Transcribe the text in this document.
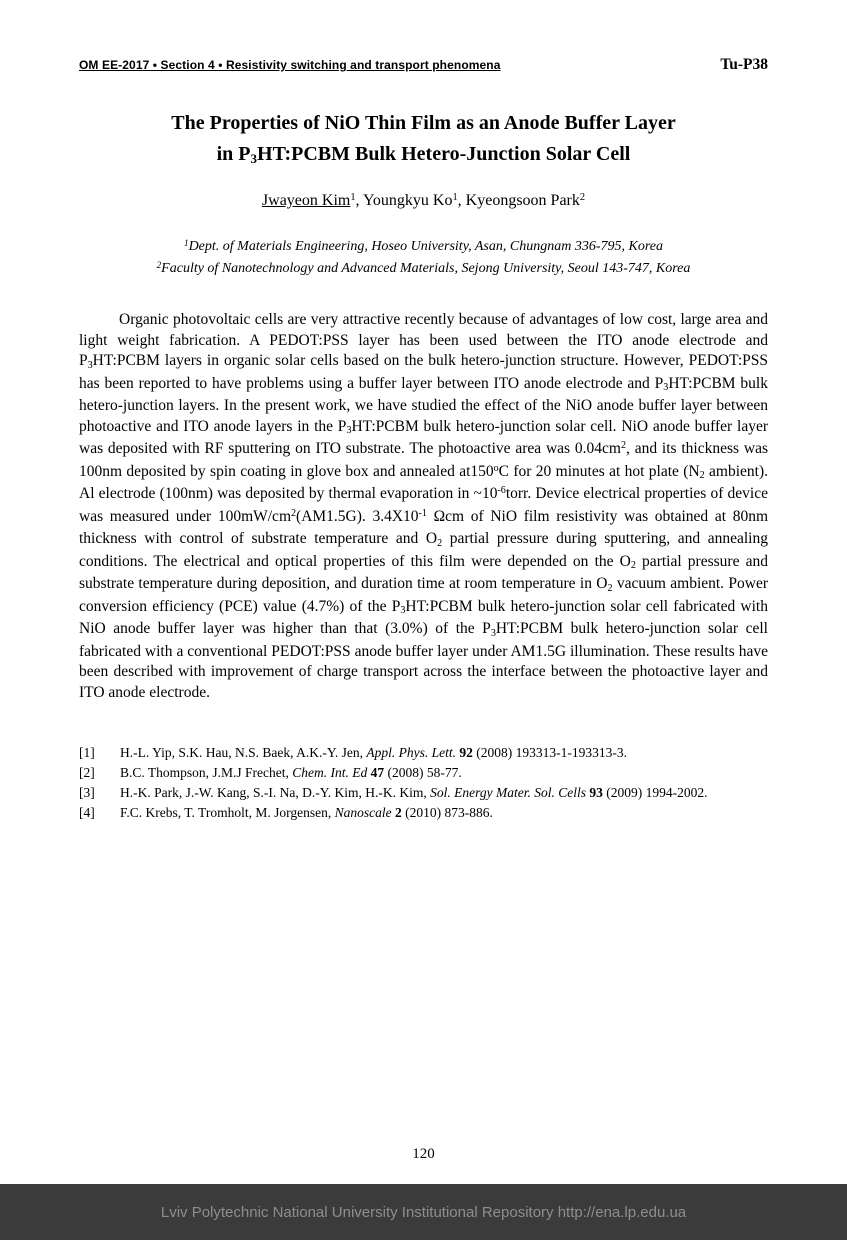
OM EE-2017 • Section 4 • Resistivity switching and transport phenomena	Tu-P38
The Properties of NiO Thin Film as an Anode Buffer Layer
in $P_3HT:PCBM$ Bulk Hetero-Junction Solar Cell
Jwayeon Kim$^1$, Youngkyu Ko$^1$, Kyeongsoon Park$^2$
$^1$Dept. of Materials Engineering, Hoseo University, Asan, Chungnam 336-795, Korea
$^2$Faculty of Nanotechnology and Advanced Materials, Sejong University, Seoul 143-747, Korea

Organic photovoltaic cells are very attractive recently because of advantages of low cost, large area and light weight fabrication. A PEDOT:PSS layer has been used between the ITO anode electrode and $P_3HT:PCBM$ layers in organic solar cells based on the bulk hetero-junction structure. However, PEDOT:PSS has been reported to have problems using a buffer layer between ITO anode electrode and $P_3HT:PCBM$ bulk hetero-junction layers. In the present work, we have studied the effect of the NiO anode buffer layer between photoactive and ITO anode layers in the $P_3HT:PCBM$ bulk hetero-junction solar cell. NiO anode buffer layer was deposited with RF sputtering on ITO substrate. The photoactive area was $0.04cm^2$, and its thickness was 100nm deposited by spin coating in glove box and annealed at150$^o$C for 20 minutes at hot plate ($N_2$ ambient). Al electrode (100nm) was deposited by thermal evaporation in $\sim 10^{-6}torr$. Device electrical properties of device was measured under $100mW/cm^2(AM1.5G)$. $3.4X10^{-1}$ Ωcm of NiO film resistivity was obtained at 80nm thickness with control of substrate temperature and $O_2$ partial pressure during sputtering, and annealing conditions. The electrical and optical properties of this film were depended on the $O_2$ partial pressure and substrate temperature during deposition, and duration time at room temperature in $O_2$ vacuum ambient. Power conversion efficiency (PCE) value (4.7%) of the $P_3HT:PCBM$ bulk hetero-junction solar cell fabricated with NiO anode buffer layer was higher than that (3.0%) of the $P_3HT:PCBM$ bulk hetero-junction solar cell fabricated with a conventional PEDOT:PSS anode buffer layer under AM1.5G illumination. These results have been described with improvement of charge transport across the interface between the photoactive layer and ITO anode electrode.

[1]	H.-L. Yip, S.K. Hau, N.S. Baek, A.K.-Y. Jen, Appl. Phys. Lett. 92 (2008) 193313-1-193313-3.
[2]	B.C. Thompson, J.M.J Frechet, Chem. Int. Ed 47 (2008) 58-77.
[3]	H.-K. Park, J.-W. Kang, S.-I. Na, D.-Y. Kim, H.-K. Kim, Sol. Energy Mater. Sol. Cells 93 (2009) 1994-2002.
[4]	F.C. Krebs, T. Tromholt, M. Jorgensen, Nanoscale 2 (2010) 873-886.
120
Lviv Polytechnic National University Institutional Repository http://ena.lp.edu.ua
